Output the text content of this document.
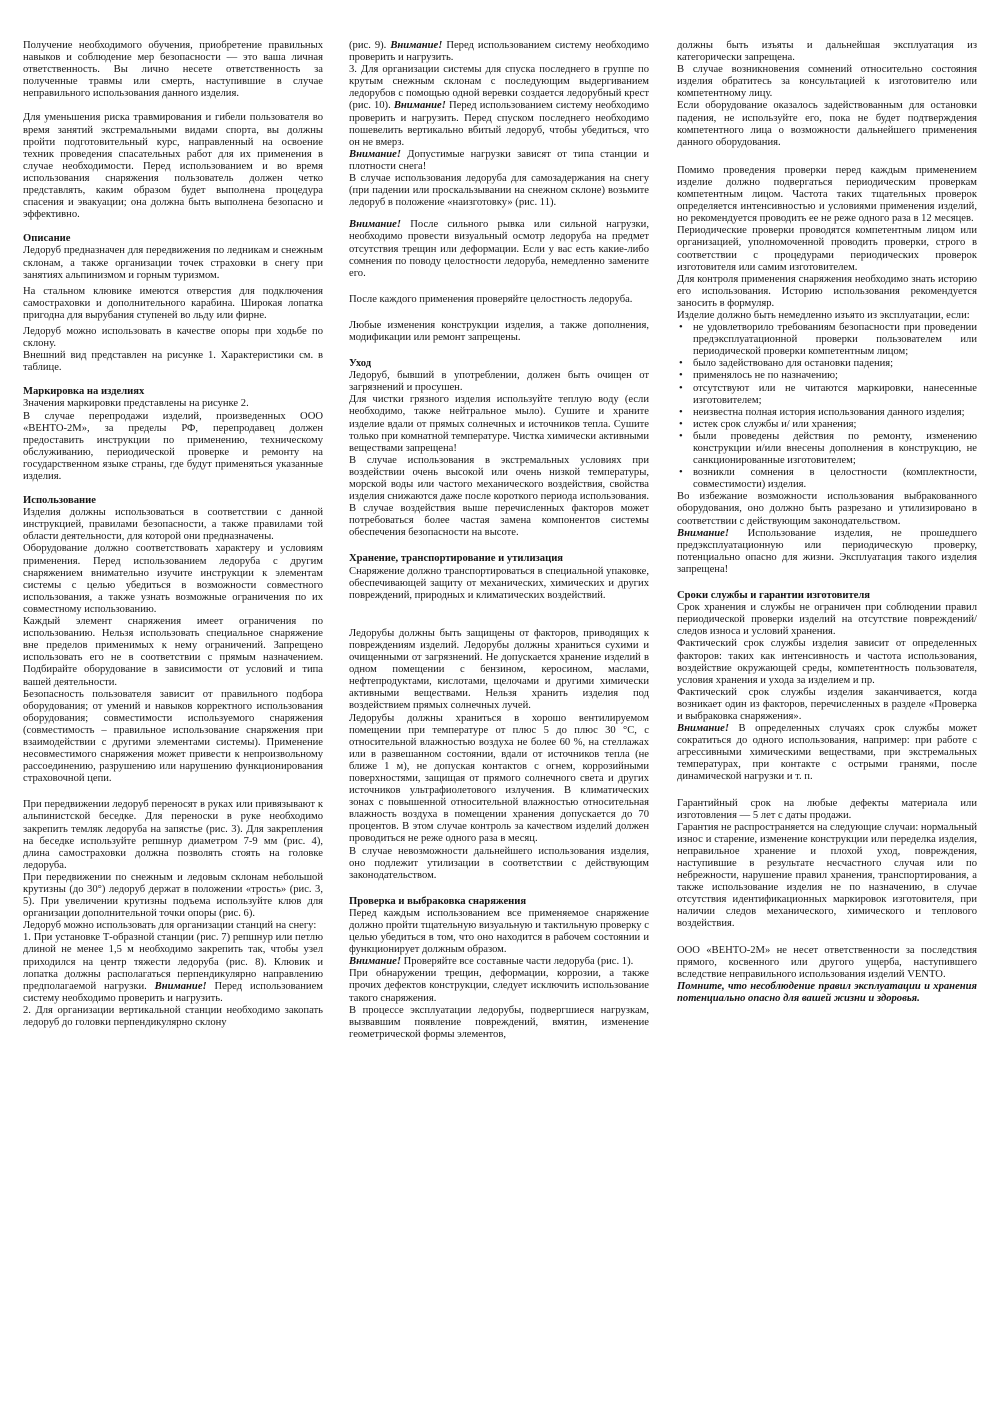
Получение необходимого обучения, приобретение правильных навыков и соблюдение мер безопасности — это ваша личная ответственность. Вы лично несете ответственность за полученные травмы или смерть, наступившие в случае неправильного использования данного изделия.

Для уменьшения риска травмирования и гибели пользователя во время занятий экстремальными видами спорта, вы должны пройти подготовительный курс, направленный на освоение техник проведения спасательных работ для их применения в случае необходимости. Перед использованием и во время использования снаряжения пользователь должен четко представлять, каким образом будет выполнена процедура спасения и эвакуации; она должна быть выполнена безопасно и эффективно.

Описание

Ледоруб предназначен для передвижения по ледникам и снежным склонам, а также организации точек страховки в снегу при занятиях альпинизмом и горным туризмом.

На стальном клювике имеются отверстия для подключения самостраховки и дополнительного карабина. Широкая лопатка пригодна для вырубания ступеней во льду или фирне.

Ледоруб можно использовать в качестве опоры при ходьбе по склону.

Внешний вид представлен на рисунке 1. Характеристики см. в таблице.

Маркировка на изделиях

Значения маркировки представлены на рисунке 2.

В случае перепродажи изделий, произведенных ООО «ВЕНТО-2М», за пределы РФ, перепродавец должен предоставить инструкции по применению, техническому обслуживанию, периодической проверке и ремонту на государственном языке страны, где будут применяться указанные изделия.

Использование

Изделия должны использоваться в соответствии с данной инструкцией, правилами безопасности, а также правилами той области деятельности, для которой они предназначены.

Оборудование должно соответствовать характеру и условиям применения. Перед использованием ледоруба с другим снаряжением внимательно изучите инструкции к элементам системы с целью убедиться в возможности совместного использования, а также узнать возможные ограничения по их совместному использованию.

Каждый элемент снаряжения имеет ограничения по использованию. Нельзя использовать специальное снаряжение вне пределов применимых к нему ограничений. Запрещено использовать его не в соответствии с прямым назначением. Подбирайте оборудование в зависимости от условий и типа вашей деятельности.

Безопасность пользователя зависит от правильного подбора оборудования; от умений и навыков корректного использования оборудования; совместимости используемого снаряжения (совместимость – правильное использование снаряжения при взаимодействии с другими элементами системы). Применение несовместимого снаряжения может привести к непроизвольному рассоединению, разрушению или нарушению функционирования страховочной цепи.

При передвижении ледоруб переносят в руках или привязывают к альпинистской беседке. Для переноски в руке необходимо закрепить темляк ледоруба на запястье (рис. 3). Для закрепления на беседке используйте репшнур диаметром 7-9 мм (рис. 4), длина самостраховки должна позволять стоять на головке ледоруба.

При передвижении по снежным и ледовым склонам небольшой крутизны (до 30°) ледоруб держат в положении «трость» (рис. 3, 5). При увеличении крутизны подъема используйте клюв для организации дополнительной точки опоры (рис. 6).

Ледоруб можно использовать для организации станций на снегу:

1. При установке Т-образной станции (рис. 7) репшнур или петлю длиной не менее 1,5 м необходимо закрепить так, чтобы узел приходился на центр тяжести ледоруба (рис. 8). Клювик и лопатка должны располагаться перпендикулярно направлению предполагаемой нагрузки. Внимание! Перед использованием систему необходимо проверить и нагрузить.

2. Для организации вертикальной станции необходимо закопать ледоруб до головки перпендикулярно склону

(рис. 9). Внимание! Перед использованием систему необходимо проверить и нагрузить.

3. Для организации системы для спуска последнего в группе по крутым снежным склонам с последующим выдергиванием ледорубов с помощью одной веревки создается ледорубный крест (рис. 10). Внимание! Перед использованием систему необходимо проверить и нагрузить. Перед спуском последнего необходимо пошевелить вертикально вбитый ледоруб, чтобы убедиться, что он не вмерз.

Внимание! Допустимые нагрузки зависят от типа станции и плотности снега!

В случае использования ледоруба для самозадержания на снегу (при падении или проскальзывании на снежном склоне) возьмите ледоруб в положение «наизготовку» (рис. 11).

Внимание! После сильного рывка или сильной нагрузки, необходимо провести визуальный осмотр ледоруба на предмет отсутствия трещин или деформации. Если у вас есть какие-либо сомнения по поводу целостности ледоруба, немедленно замените его.

После каждого применения проверяйте целостность ледоруба.

Любые изменения конструкции изделия, а также дополнения, модификации или ремонт запрещены.

Уход

Ледоруб, бывший в употреблении, должен быть очищен от загрязнений и просушен.

Для чистки грязного изделия используйте теплую воду (если необходимо, также нейтральное мыло). Сушите и храните изделие вдали от прямых солнечных и источников тепла. Сушите только при комнатной температуре. Чистка химически активными веществами запрещена!

В случае использования в экстремальных условиях при воздействии очень высокой или очень низкой температуры, морской воды или частого механического воздействия, свойства изделия снижаются даже после короткого периода использования. В случае воздействия выше перечисленных факторов может потребоваться более частая замена компонентов системы обеспечения безопасности на высоте.

Хранение, транспортирование и утилизация

Снаряжение должно транспортироваться в специальной упаковке, обеспечивающей защиту от механических, химических и других повреждений, природных и климатических воздействий.

Ледорубы должны быть защищены от факторов, приводящих к повреждениям изделий. Ледорубы должны храниться сухими и очищенными от загрязнений. Не допускается хранение изделий в одном помещении с бензином, керосином, маслами, нефтепродуктами, кислотами, щелочами и другими химически активными веществами. Нельзя хранить изделия под воздействием прямых солнечных лучей.

Ледорубы должны храниться в хорошо вентилируемом помещении при температуре от плюс 5 до плюс 30 °C, с относительной влажностью воздуха не более 60 %, на стеллажах или в развешанном состоянии, вдали от источников тепла (не ближе 1 м), не допуская контактов с огнем, коррозийными поверхностями, защищая от прямого солнечного света и других источников ультрафиолетового излучения. В климатических зонах с повышенной относительной влажностью относительная влажность воздуха в помещении хранения допускается до 70 процентов. В этом случае контроль за качеством изделий должен проводиться не реже одного раза в месяц.

В случае невозможности дальнейшего использования изделия, оно подлежит утилизации в соответствии с действующим законодательством.

Проверка и выбраковка снаряжения

Перед каждым использованием все применяемое снаряжение должно пройти тщательную визуальную и тактильную проверку с целью убедиться в том, что оно находится в рабочем состоянии и функционирует должным образом.

Внимание! Проверяйте все составные части ледоруба (рис. 1).

При обнаружении трещин, деформации, коррозии, а также прочих дефектов конструкции, следует исключить использование такого снаряжения.

В процессе эксплуатации ледорубы, подвергшиеся нагрузкам, вызвавшим появление повреждений, вмятин, изменение геометрической формы элементов,

должны быть изъяты и дальнейшая эксплуатация из категорически запрещена.

В случае возникновения сомнений относительно состояния изделия обратитесь за консультацией к изготовителю или компетентному лицу.

Если оборудование оказалось задействованным для остановки падения, не используйте его, пока не будет подтверждения компетентного лица о возможности дальнейшего применения данного оборудования.

Помимо проведения проверки перед каждым применением изделие должно подвергаться периодическим проверкам компетентным лицом. Частота таких тщательных проверок определяется интенсивностью и условиями применения изделий, но рекомендуется проводить ее не реже одного раза в 12 месяцев.

Периодические проверки проводятся компетентным лицом или организацией, уполномоченной проводить проверки, строго в соответствии с процедурами периодических проверок изготовителя или самим изготовителем.

Для контроля применения снаряжения необходимо знать историю его использования. Историю использования рекомендуется заносить в формуляр.

Изделие должно быть немедленно изъято из эксплуатации, если:

• не удовлетворило требованиям безопасности при проведении предэксплуатационной проверки пользователем или периодической проверки компетентным лицом;
• было задействовано для остановки падения;
• применялось не по назначению;
• отсутствуют или не читаются маркировки, нанесенные изготовителем;
• неизвестна полная история использования данного изделия;
• истек срок службы и/ или хранения;
• были проведены действия по ремонту, изменению конструкции и/или внесены дополнения в конструкцию, не санкционированные изготовителем;
• возникли сомнения в целостности (комплектности, совместимости) изделия.

Во избежание возможности использования выбракованного оборудования, оно должно быть разрезано и утилизировано в соответствии с действующим законодательством.

Внимание! Использование изделия, не прошедшего предэксплуатационную или периодическую проверку, потенциально опасно для жизни. Эксплуатация такого изделия запрещена!

Сроки службы и гарантии изготовителя

Срок хранения и службы не ограничен при соблюдении правил периодической проверки изделий на отсутствие повреждений/ следов износа и условий хранения.

Фактический срок службы изделия зависит от определенных факторов: таких как интенсивность и частота использования, воздействие окружающей среды, компетентность пользователя, условия хранения и ухода за изделием и пр.

Фактический срок службы изделия заканчивается, когда возникает один из факторов, перечисленных в разделе «Проверка и выбраковка снаряжения».

Внимание! В определенных случаях срок службы может сократиться до одного использования, например: при работе с агрессивными химическими веществами, при экстремальных температурах, при контакте с острыми гранями, после динамической нагрузки и т. п.

Гарантийный срок на любые дефекты материала или изготовления — 5 лет с даты продажи.

Гарантия не распространяется на следующие случаи: нормальный износ и старение, изменение конструкции или переделка изделия, неправильное хранение и плохой уход, повреждения, наступившие в результате несчастного случая или по небрежности, нарушение правил хранения, транспортирования, а также использование изделия не по назначению, в случае отсутствия идентификационных маркировок изготовителя, при наличии следов механического, химического и теплового воздействия.

ООО «ВЕНТО-2М» не несет ответственности за последствия прямого, косвенного или другого ущерба, наступившего вследствие неправильного использования изделий VENTO.

Помните, что несоблюдение правил эксплуатации и хранения потенциально опасно для вашей жизни и здоровья.
